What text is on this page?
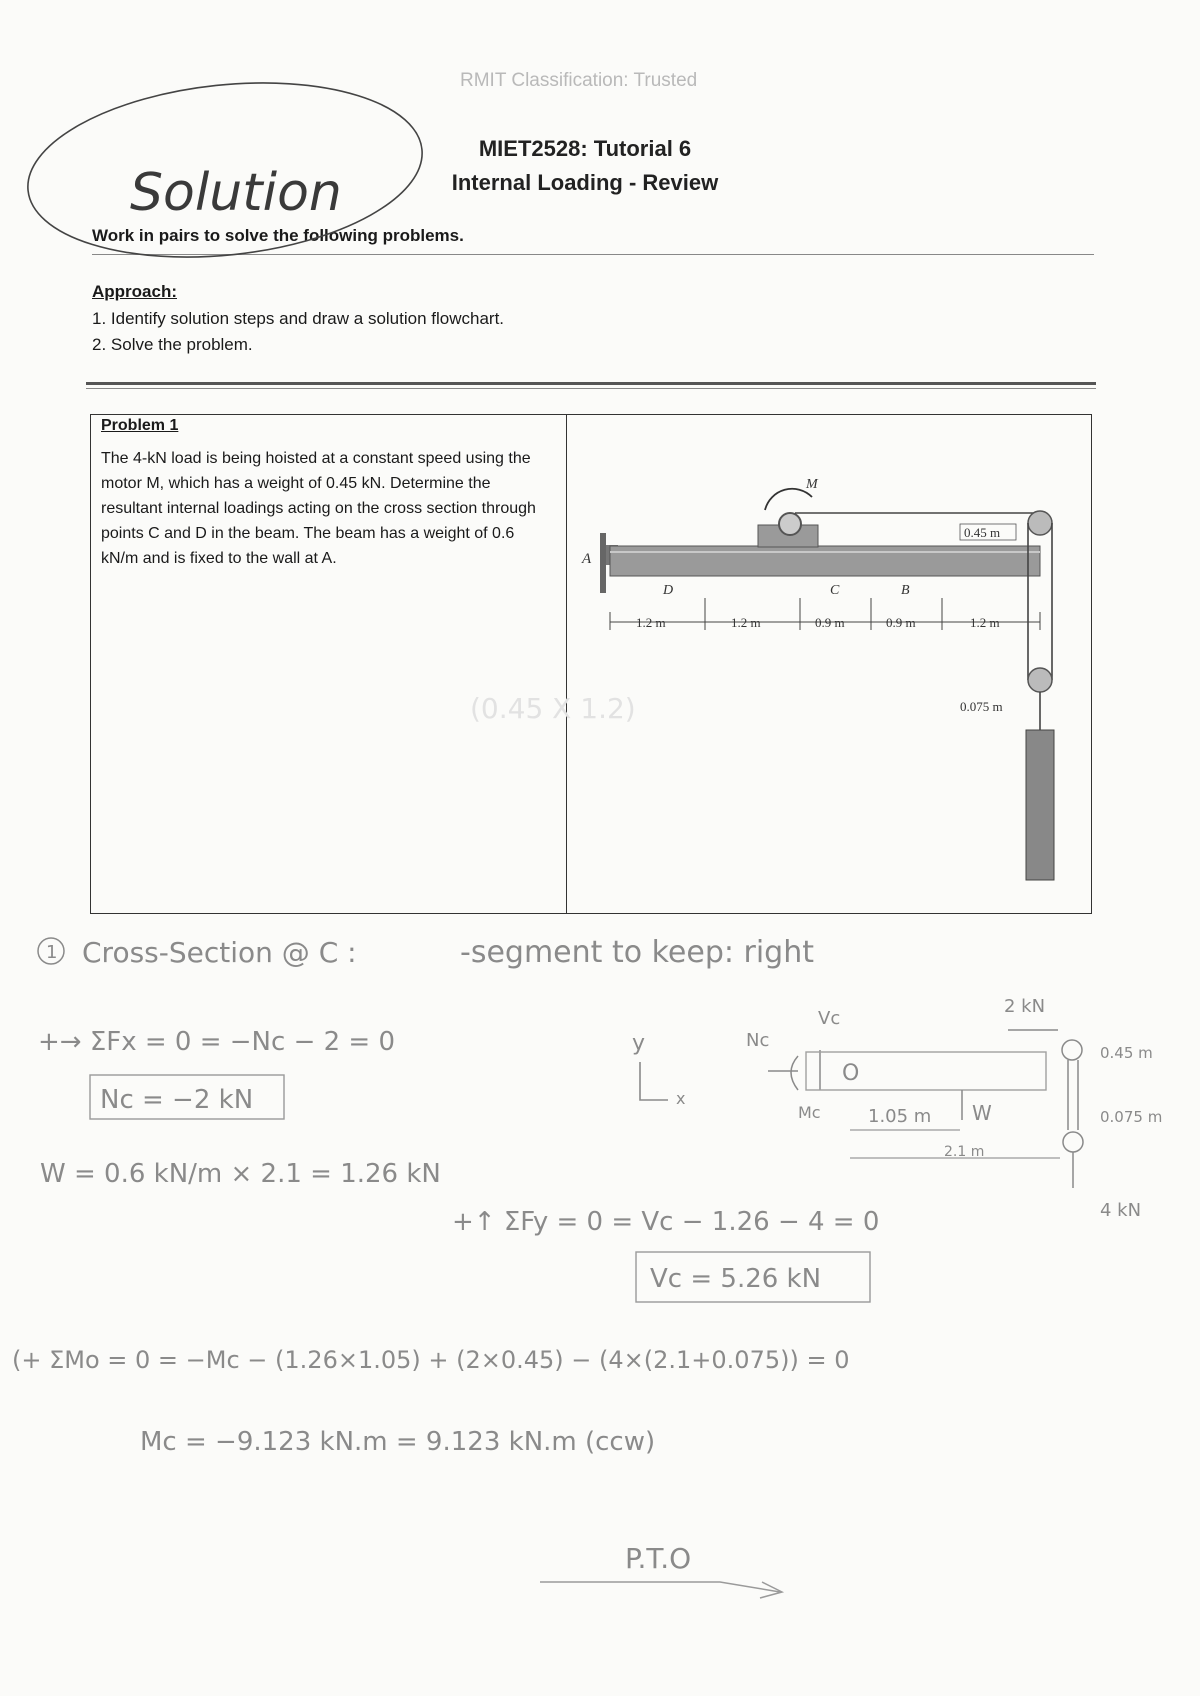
RMIT Classification: Trusted
MIET2528: Tutorial 6
Internal Loading - Review
Work in pairs to solve the following problems.
Approach:
1. Identify solution steps and draw a solution flowchart.
2. Solve the problem.
Problem 1
The 4-kN load is being hoisted at a constant speed using the motor M, which has a weight of 0.45 kN. Determine the resultant internal loadings acting on the cross section through points C and D in the beam. The beam has a weight of 0.6 kN/m and is fixed to the wall at A.
Solution
A
M
0.45 m
D	C	B
1.2 m	1.2 m	0.9 m	0.9 m	1.2 m
0.075 m
(0.45 X 1.2)
1 Cross-Section @ C :	-segment to keep: right
+→ ΣFx = 0 = −Nc − 2 = 0
Nc = −2 kN
W = 0.6 kN/m × 2.1 = 1.26 kN
+↑ ΣFy = 0 = Vc − 1.26 − 4 = 0
Vc = 5.26 kN
(+ ΣMo = 0 = −Mc − (1.26×1.05) + (2×0.45) − (4×(2.1+0.075)) = 0
Mc = −9.123 kN.m = 9.123 kN.m (ccw)
P.T.O
y
x
Vc
Nc
Mc
O
2 kN
1.05 m W
2.1 m
0.45 m
0.075 m
4 kN
